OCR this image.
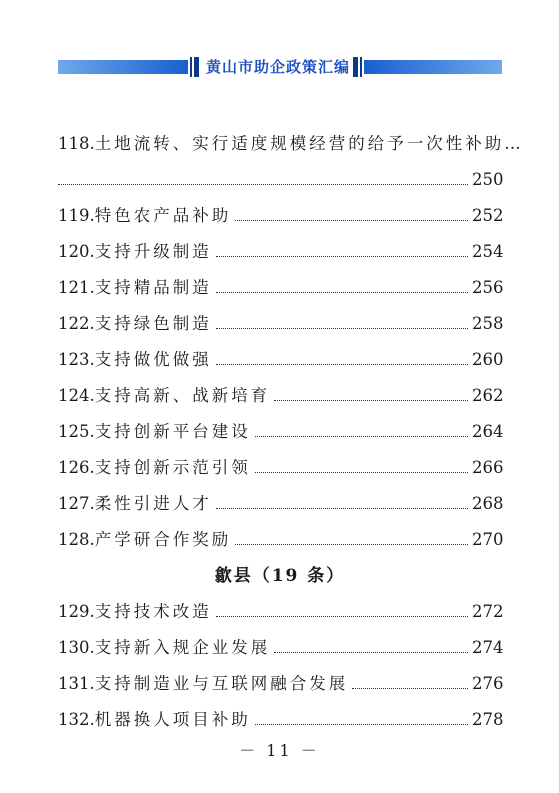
黄山市助企政策汇编
118. 土地流转、实行适度规模经营的给予一次性补助 …
250
119. 特色农产品补助	252
120. 支持升级制造	254
121. 支持精品制造	256
122. 支持绿色制造	258
123. 支持做优做强	260
124. 支持高新、战新培育	262
125. 支持创新平台建设	264
126. 支持创新示范引领	266
127. 柔性引进人才	268
128. 产学研合作奖励	270
歙县（19 条）
129. 支持技术改造	272
130. 支持新入规企业发展	274
131. 支持制造业与互联网融合发展	276
132. 机器换人项目补助	278
－ 11 －
